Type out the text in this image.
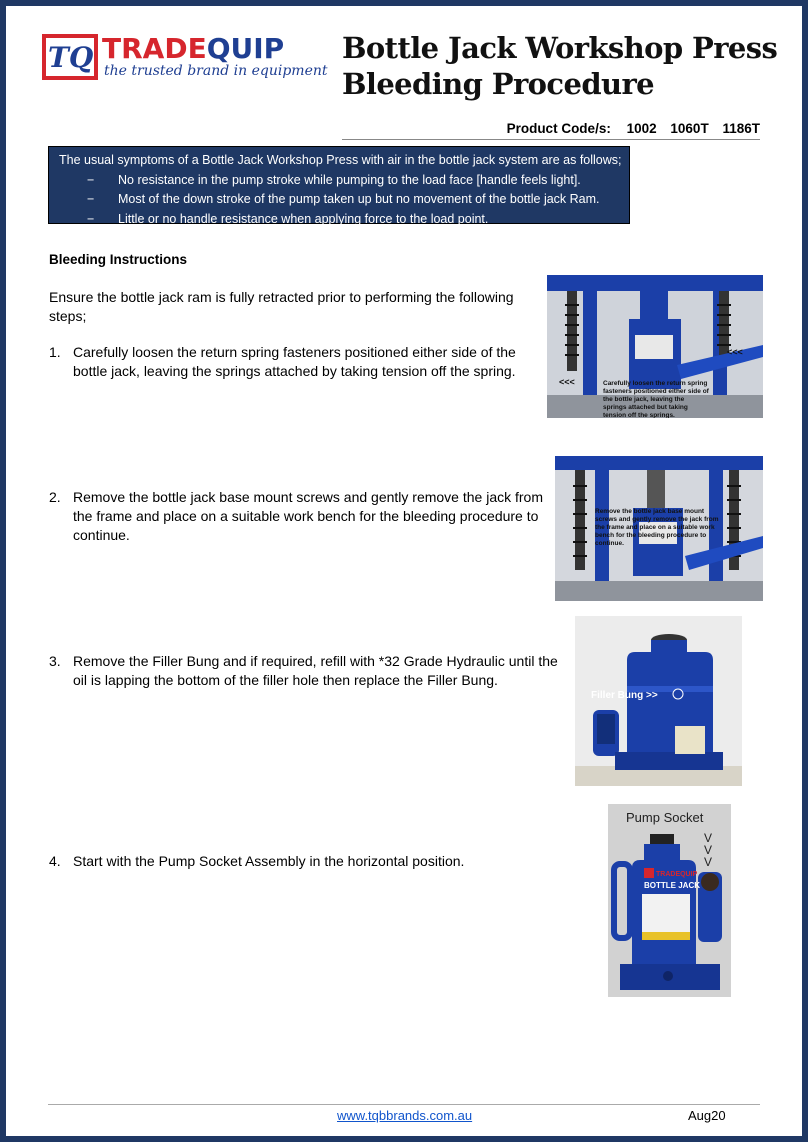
TQ TRADEQUIP
the trusted brand in equipment
Bottle Jack Workshop Press
Bleeding Procedure
Product Code/s: 1002 1060T 1186T
The usual symptoms of a Bottle Jack Workshop Press with air in the bottle jack system are as follows;
− No resistance in the pump stroke while pumping to the load face [handle feels light].
− Most of the down stroke of the pump taken up but no movement of the bottle jack Ram.
− Little or no handle resistance when applying force to the load point.
Bleeding Instructions

Ensure the bottle jack ram is fully retracted prior to performing the following steps;

1. Carefully loosen the return spring fasteners positioned either side of the
bottle jack, leaving the springs attached by taking tension off the spring.
2. Remove the bottle jack base mount screws and gently remove the jack from
the frame and place on a suitable work bench for the bleeding procedure to
continue.
3. Remove the Filler Bung and if required, refill with *32 Grade Hydraulic until the
oil is lapping the bottom of the filler hole then replace the Filler Bung.
4. Start with the Pump Socket Assembly in the horizontal position.
<<<
<<<
Carefully loosen the return spring
fasteners positioned either side of
the bottle jack, leaving the
springs attached but taking
tension off the springs.
Remove the bottle jack base mount
screws and gently remove the jack from
the frame and place on a suitable work
bench for the bleeding procedure to
continue.
Filler Bung >>
Pump Socket
V
V
V
TRADEQUIP
BOTTLE JACK
www.tqbbrands.com.au	Aug20
